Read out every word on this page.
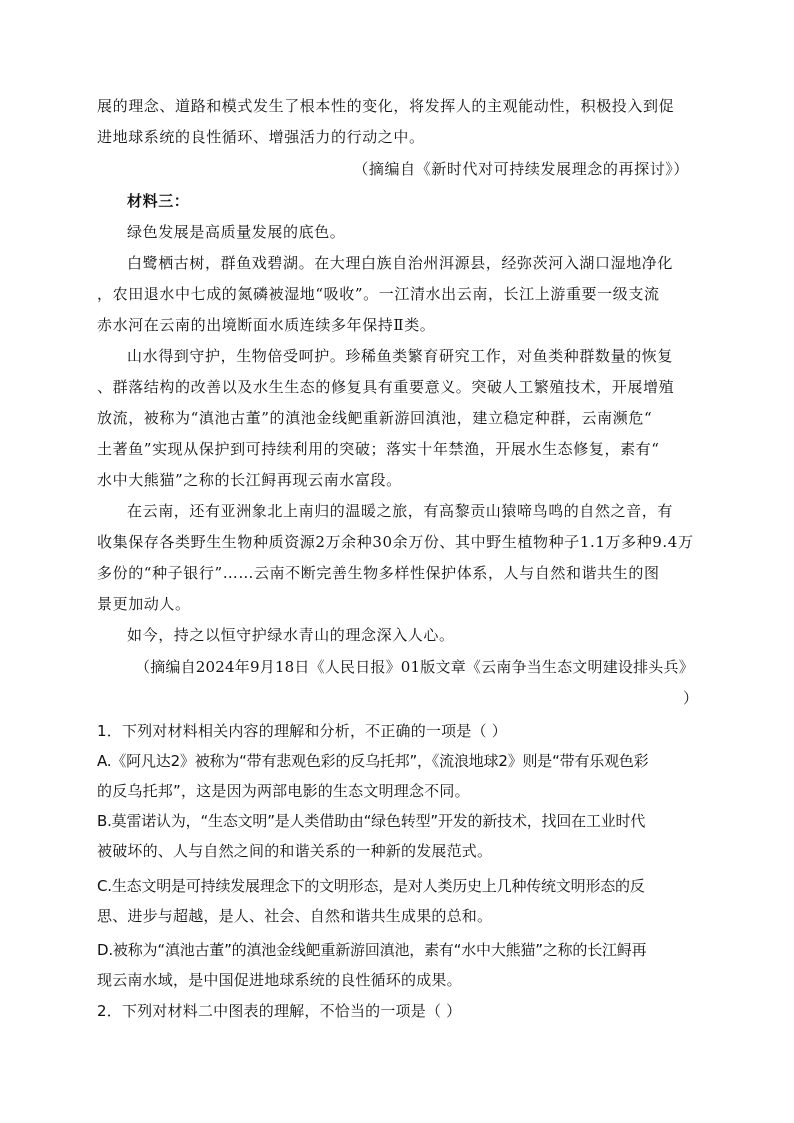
展的理念、道路和模式发生了根本性的变化，将发挥人的主观能动性，积极投入到促
进地球系统的良性循环、增强活力的行动之中。
（摘编自《新时代对可持续发展理念的再探讨》）
材料三：
绿色发展是高质量发展的底色。
白鹭栖古树，群鱼戏碧湖。在大理白族自治州洱源县，经弥茨河入湖口湿地净化
，农田退水中七成的氮磷被湿地“吸收”。一江清水出云南，长江上游重要一级支流
赤水河在云南的出境断面水质连续多年保持Ⅱ类。
山水得到守护，生物倍受呵护。珍稀鱼类繁育研究工作，对鱼类种群数量的恢复
、群落结构的改善以及水生生态的修复具有重要意义。突破人工繁殖技术，开展增殖
放流，被称为“滇池古董”的滇池金线鲃重新游回滇池，建立稳定种群，云南濒危“
土著鱼”实现从保护到可持续利用的突破；落实十年禁渔，开展水生态修复，素有“
水中大熊猫”之称的长江鲟再现云南水富段。
在云南，还有亚洲象北上南归的温暖之旅，有高黎贡山猿啼鸟鸣的自然之音，有
收集保存各类野生生物种质资源2万余种30余万份、其中野生植物种子1.1万多种9.4万
多份的“种子银行”……云南不断完善生物多样性保护体系，人与自然和谐共生的图
景更加动人。
如今，持之以恒守护绿水青山的理念深入人心。
（摘编自2024年9月18日《人民日报》01版文章《云南争当生态文明建设排头兵》
）
1．下列对材料相关内容的理解和分析，不正确的一项是（ ）
A.《阿凡达2》被称为“带有悲观色彩的反乌托邦”，《流浪地球2》则是“带有乐观色彩
的反乌托邦”，这是因为两部电影的生态文明理念不同。
B.莫雷诺认为，“生态文明”是人类借助由“绿色转型”开发的新技术，找回在工业时代
被破坏的、人与自然之间的和谐关系的一种新的发展范式。
C.生态文明是可持续发展理念下的文明形态，是对人类历史上几种传统文明形态的反
思、进步与超越，是人、社会、自然和谐共生成果的总和。
D.被称为“滇池古董”的滇池金线鲃重新游回滇池，素有“水中大熊猫”之称的长江鲟再
现云南水域，是中国促进地球系统的良性循环的成果。
2．下列对材料二中图表的理解，不恰当的一项是（ ）
